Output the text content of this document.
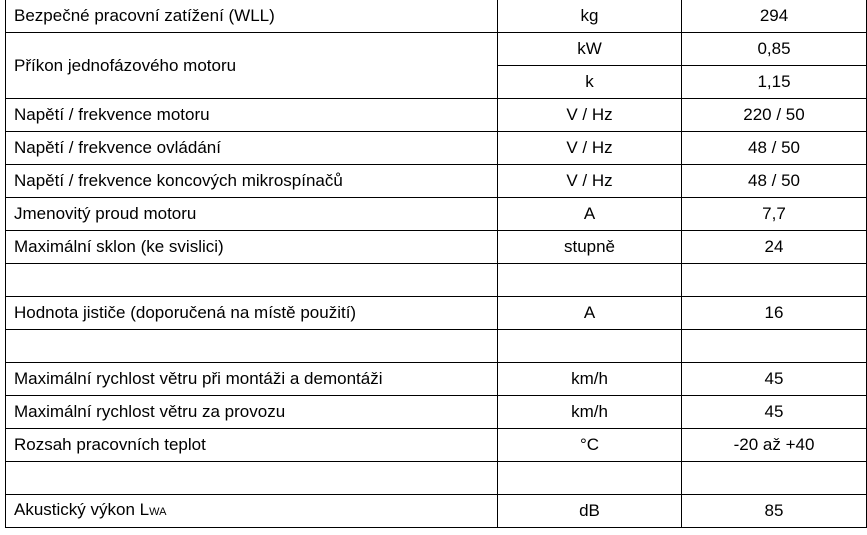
Bezpečné pracovní zatížení (WLL)	kg	294
Příkon jednofázového motoru	kW	0,85
	k	1,15
Napětí / frekvence motoru	V / Hz	220 / 50
Napětí / frekvence ovládání	V / Hz	48 / 50
Napětí / frekvence koncových mikrospínačů	V / Hz	48 / 50
Jmenovitý proud motoru	A	7,7
Maximální sklon (ke svislici)	stupně	24

Hodnota jističe (doporučená na místě použití)	A	16

Maximální rychlost větru při montáži a demontáži	km/h	45
Maximální rychlost větru za provozu	km/h	45
Rozsah pracovních teplot	°C	-20 až +40

Akustický výkon LWA	dB	85
